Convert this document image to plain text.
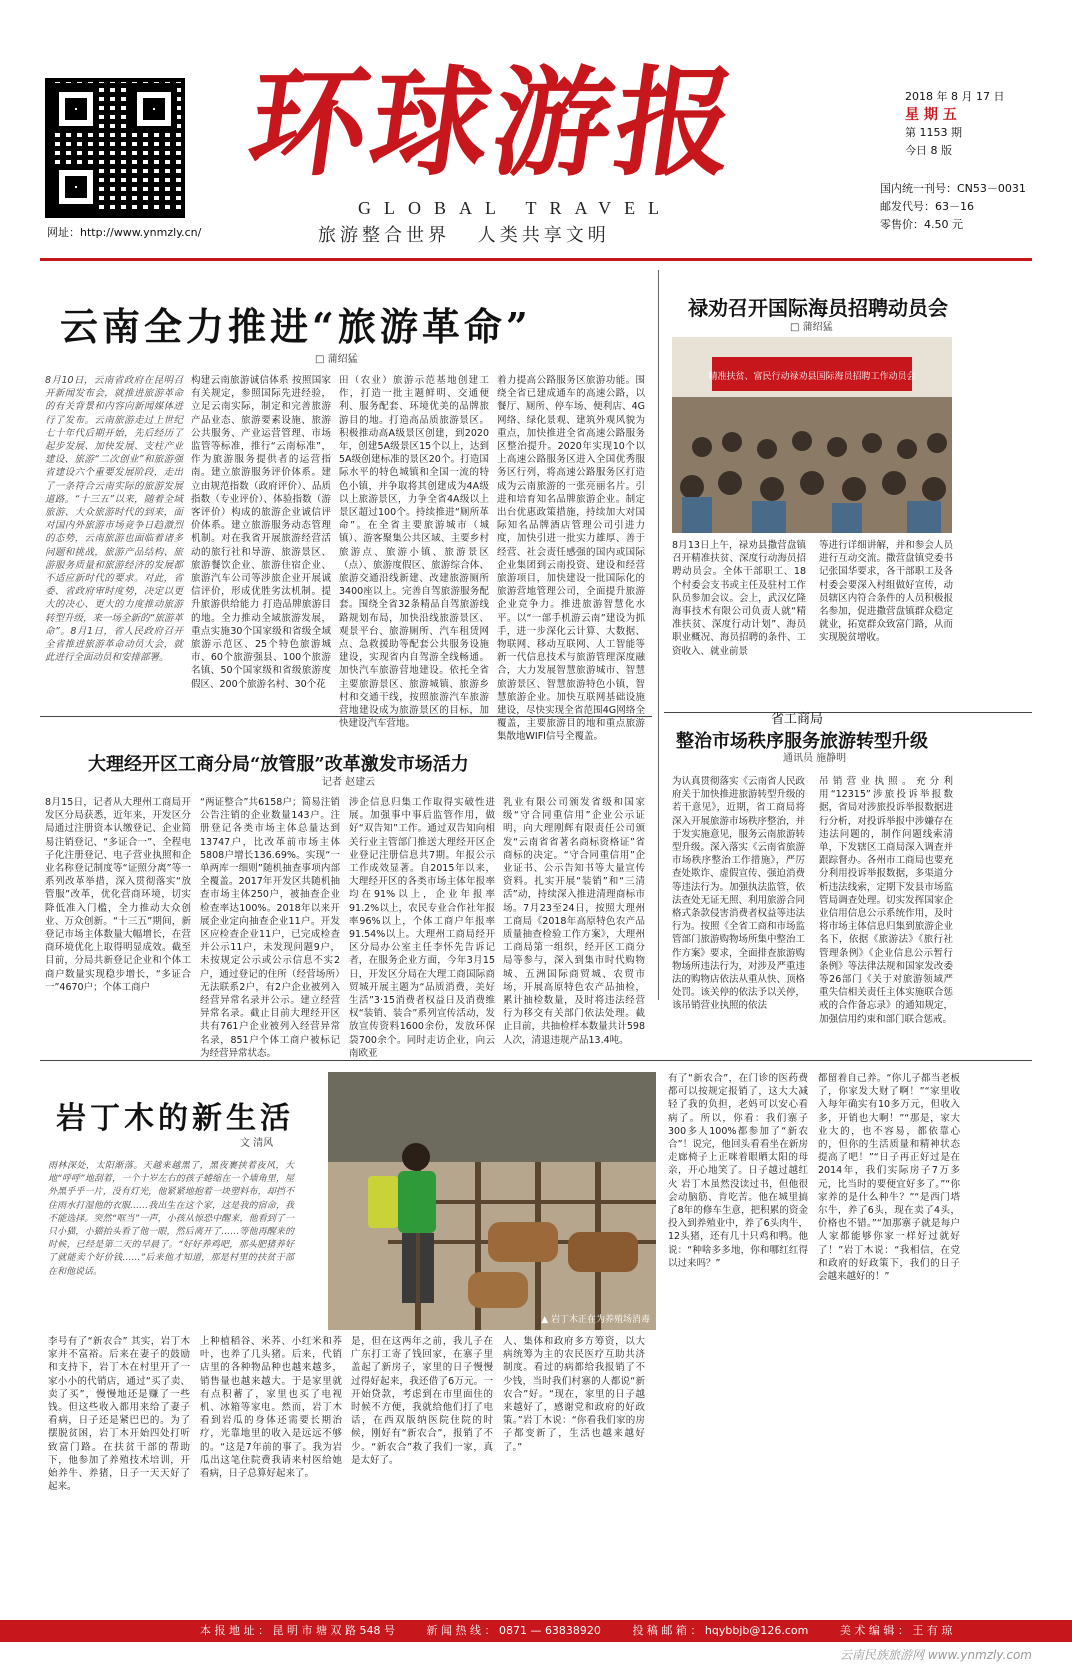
网址：http://www.ynmzly.cn/
环球游报
GLOBAL TRAVEL
旅游整合世界 人类共享文明
2018 年 8 月 17 日
星 期 五
第 1153 期
今日 8 版
国内统一刊号：CN53－0031
邮发代号：63－16
零售价：4.50 元
云南全力推进“旅游革命”
□ 蒲绍猛
8月10日，云南省政府在昆明召开新闻发布会，就推进旅游革命的有关背景和内容向新闻媒体进行了发布。云南旅游走过上世纪七十年代后期开始，先后经历了起步发展、加快发展、支柱产业建设、旅游“二次创业”和旅游强省建设六个重要发展阶段，走出了一条符合云南实际的旅游发展道路。“十三五”以来，随着全域旅游、大众旅游时代的到来，面对国内外旅游市场竞争日趋激烈的态势，云南旅游也面临着诸多问题和挑战，旅游产品结构、旅游服务质量和旅游经济的发展都不适应新时代的要求。对此，省委、省政府审时度势，决定以更大的决心、更大的力度推动旅游转型升级，来一场全新的“旅游革命”。8月1日，省人民政府召开全省推进旅游革命动员大会，就此进行全面动员和安排部署。
构建云南旅游诚信体系 按照国家有关规定，参照国际先进经验，立足云南实际，制定和完善旅游产品业态、旅游要素设施、旅游公共服务、产业运营管理、市场监管等标准，推行“云南标准”，作为旅游服务提供者的运营指南。建立旅游服务评价体系。建立由规范指数（政府评价）、品质指数（专业评价）、体验指数（游客评价）构成的旅游企业诚信评价体系。建立旅游服务动态管理机制。对在我省开展旅游经营活动的旅行社和导游、旅游景区、旅游餐饮企业、旅游住宿企业、旅游汽车公司等涉旅企业开展诚信评价，形成优胜劣汰机制。提升旅游供给能力 打造品牌旅游目的地。全力推动全域旅游发展，重点实施30个国家级和省级全域旅游示范区、25个特色旅游城市、60个旅游强县、100个旅游名镇、50个国家级和省级旅游度假区、200个旅游名村、30个花
田（农业）旅游示范基地创建工作，打造一批主题鲜明、交通便利、服务配套、环境优美的品牌旅游目的地。打造高品质旅游景区。积极推动高A级景区创建，到2020年，创建5A级景区15个以上，达到5A级创建标准的景区20个。打造国际水平的特色城镇和全国一流的特色小镇，并争取将其创建成为4A级以上旅游景区，力争全省4A级以上景区超过100个。持续推进“厕所革命”。在全省主要旅游城市（城镇）、游客聚集公共区域、主要乡村旅游点、旅游小镇、旅游景区（点）、旅游度假区、旅游综合体、旅游交通沿线新建、改建旅游厕所3400座以上。完善自驾旅游服务配套。围绕全省32条精品自驾旅游线路规划布局，加快沿线旅游景区、观景平台、旅游厕所、汽车租赁网点、急救援助等配套公共服务设施建设，实现省内自驾游全线畅通。加快汽车旅游营地建设。依托全省主要旅游景区、旅游城镇、旅游乡村和交通干线，按照旅游汽车旅游营地建设成为旅游景区的目标，加快建设汽车营地。
着力提高公路服务区旅游功能。围绕全省已建成通车的高速公路，以餐厅、厕所、停车场、便利店、4G网络、绿化景观、建筑外观风貌为重点，加快推进全省高速公路服务区整治提升。2020年实现10个以上高速公路服务区进入全国优秀服务区行列，将高速公路服务区打造成为云南旅游的一张亮丽名片。引进和培育知名品牌旅游企业。制定出台优惠政策措施，持续加大对国际知名品牌酒店管理公司引进力度，加快引进一批实力雄厚、善于经营、社会责任感强的国内或国际企业集团到云南投资、建设和经营旅游项目，加快建设一批国际化的旅游营地管理公司，全面提升旅游企业竞争力。推进旅游智慧化水平。以“一部手机游云南”建设为抓手，进一步深化云计算、大数据、物联网、移动互联网、人工智能等新一代信息技术与旅游管理深度融合，大力发展智慧旅游城市、智慧旅游景区、智慧旅游特色小镇，智慧旅游企业。加快互联网基础设施建设，尽快实现全省范围4G网络全覆盖，主要旅游目的地和重点旅游集散地WIFI信号全覆盖。
禄劝召开国际海员招聘动员会
□ 蒲绍猛
精准扶贫、富民行动禄劝县国际海员招聘工作动员会
8月13日上午，禄劝县撒营盘镇召开精准扶贫、深度行动海员招聘动员会。全体干部职工、18个村委会支书或主任及驻村工作队员参加会议。会上，武汉亿隆海事技术有限公司负责人就“精准扶贫、深度行动计划”、海员职业概况、海员招聘的条件、工资收入、就业前景
等进行详细讲解，并和参会人员进行互动交流。撒营盘镇党委书记张国华要求，各干部职工及各村委会要深入村组做好宣传，动员辖区内符合条件的人员积极报名参加，促进撒营盘镇群众稳定就业，拓宽群众致富门路，从而实现脱贫增收。
省工商局
整治市场秩序服务旅游转型升级
通讯员 施静明
为认真贯彻落实《云南省人民政府关于加快推进旅游转型升级的若干意见》，近期，省工商局将深入开展旅游市场秩序整治，并于发实施意见，服务云南旅游转型升级。深入落实《云南省旅游市场秩序整治工作措施》，严厉查处欺诈、虚假宣传、强迫消费等违法行为。加强执法监管，依法查处无证无照、利用旅游合同格式条款侵害消费者权益等违法行为。按照《全省工商和市场监管部门旅游购物场所集中整治工作方案》要求，全面排查旅游购物场所违法行为，对涉及严重违法的购物店依法从重从快、顶格处罚。该关停的依法予以关停，该吊销营业执照的依法
吊销营业执照。充分利用“12315”涉旅投诉举报数据，省局对涉旅投诉举报数据进行分析，对投诉举报中涉嫌存在违法问题的，制作问题线索清单，下发辖区工商局深入调查并跟踪督办。各州市工商局也要充分利用投诉举报数据，多渠道分析违法线索，定期下发县市场监管局调查处理。切实发挥国家企业信用信息公示系统作用，及时将市场主体信息归集到旅游企业名下，依据《旅游法》《旅行社管理条例》《企业信息公示暂行条例》等法律法规和国家发改委等26部门《关于对旅游领域严重失信相关责任主体实施联合惩戒的合作备忘录》的通知规定，加强信用约束和部门联合惩戒。
大理经开区工商分局“放管服”改革激发市场活力
记者 赵建云
8月15日，记者从大理州工商局开发区分局获悉，近年来，开发区分局通过注册资本认缴登记、企业简易注销登记、“多证合一”、全程电子化注册登记、电子营业执照和企业名称登记制度等“证照分离”等一系列改革举措，深入贯彻落实“放管服”改革，优化营商环境，切实降低准入门槛，全力推动大众创业、万众创新。“十三五”期间，新登记市场主体数量大幅增长，在营商环境优化上取得明显成效。截至目前，分局共新登记企业和个体工商户数量实现稳步增长，“多证合一”4670户；个体工商户
“两证整合”共6158户；简易注销公告注销的企业数量143户。注册登记各类市场主体总量达到13747户，比改革前市场主体5808户增长136.69%。实现“一单两库一细则”随机抽查事项内部全覆盖。2017年开发区共随机抽查市场主体250户，被抽查企业检查率达100%。2018年以来开展企业定向抽查企业11户。开发区应检查企业11户，已完成检查并公示11户，未发现问题9户，未按规定公示或公示信息不实2户，通过登记的住所（经营场所）无法联系2户，有2户企业被列入经营异常名录并公示。建立经营异常名录。截止目前大理经开区共有761户企业被列入经营异常名录，851户个体工商户被标记为经营异常状态。
涉企信息归集工作取得实破性进展。加强事中事后监管作用，做好“双告知”工作。通过双告知向相关行业主管部门推送大理经开区企业登记注册信息共7期。年报公示工作成效显著。自2015年以来，大理经开区的各类市场主体年报率均在91%以上，企业年报率91.2%以上，农民专业合作社年报率96%以上，个体工商户年报率91.54%以上。大理州工商局经开区分局办公室主任李怀先告诉记者，在服务企业方面，今年3月15日，开发区分局在大理工商国际商贸城开展主题为“品质消费，美好生活”3·15消费者权益日及消费维权“装销、装合”系列宣传活动，发放宣传资料1600余份，发放环保袋700余个。同时走访企业，向云南欧亚
乳业有限公司颁发省级和国家级“守合同重信用”企业公示证明，向大理刚辉有限责任公司颁发“云南省省著名商标资格证”省商标的决定。“守合同重信用”企业证书、公示告知书等大量宣传资料。扎实开展“装销”和“三清活”动，持续深入推进清理商标市场。7月23至24日，按照大理州工商局《2018年高原特色农产品质量抽查检验工作方案》，大理州工商局第一组织，经开区工商分局等参与，深入到集市时代购物城、五洲国际商贸城、农贸市场，开展高原特色农产品抽检，累计抽检数量，及时将违法经营行为移交有关部门依法处理。截止目前，共抽检样本数量共计598人次，清退违规产品13.4吨。
岩丁木的新生活
文 清风
雨林深处，太阳渐落。天越来越黑了，黑夜裹挟着夜风，大地“呼呼”地刮着，一个十岁左右的孩子蜷缩在一个墙角里，屋外黑乎乎一片，没有灯光，他紧紧地抱着一块塑料布，却挡不住雨水打湿他的衣服……我出生在这个家，这是我的宿命，我不能选择。突然“哐当”一声，小孩从惊恐中醒来，他看到了一只小猫，小猫抬头看了他一眼，然后离开了……等他再醒来的时候，已经是第二天的早晨了。“好好养鸡吧，那头肥猪养好了就能卖个好价钱……”后来他才知道，那是村里的扶贫干部在和他说话。
▲ 岩丁木正在为养殖场消毒
李号有了“新农合” 其实，岩丁木家并不富裕。后来在妻子的鼓励和支持下，岩丁木在村里开了一家小小的代销店，通过“买了卖、卖了买”，慢慢地还是赚了一些钱。但这些收入都用来给了妻子看病，日子还是紧巴巴的。为了摆脱贫困，岩丁木开始四处打听致富门路。在扶贫干部的帮助下，他参加了养殖技术培训，开始养牛、养猪，日子一天天好了起来。
上种植稻谷、米荞、小红米和荞叶，也养了几头猪。后来，代销店里的各种物品种也越来越多，销售量也越来越大。于是家里就有点积蓄了，家里也买了电视机、冰箱等家电。然而，岩丁木看到岩瓜的身体还需要长期治疗，光靠地里的收入是远远不够的。“这是7年前的事了。我为岩瓜出这笔住院费我请来村医给她看病，日子总算好起来了。
是，但在这两年之前，我儿子在广东打工寄了钱回家，在寨子里盖起了新房子，家里的日子慢慢过得好起来，我还借了6万元。一开始贷款，考虑到在市里面住的时候不方便，我就给他们打了电话，在西双版纳医院住院的时候，刚好有“新农合”，报销了不少。“新农合”救了我们一家，真是太好了。
人、集体和政府多方筹资，以大病统筹为主的农民医疗互助共济制度。看过的病都给我报销了不少钱，当时我们村寨的人都说“新农合”好。“现在，家里的日子越来越好了，感谢党和政府的好政策。”岩丁木说：“你看我们家的房子都变新了，生活也越来越好了。”
有了“新农合”，在门诊的医药费都可以按规定报销了，这大大减轻了我的负担，老妈可以安心看病了。所以，你看：我们寨子300多人100%都参加了“新农合”！说完，他回头看看坐在新房走廊椅子上正咪着眼晒太阳的母亲，开心地笑了。日子越过越红火 岩丁木虽然没读过书，但他很会动脑筋、肯吃苦。他在城里搞了8年的修车生意，把积累的资金投入到养殖业中，养了6头肉牛，12头猪，还有几十只鸡和鸭。他说：“种啥多多地，你和哪红红得以过来吗？”
都留着自己养。“你儿子都当老板了，你家发大财了啊！”“家里收入每年确实有10多万元，但收入多，开销也大啊！”“那是，家大业大的，也不容易，都依靠心的，但你的生活质量和精神状态提高了吧！”“日子再正好过是在2014年，我们实际房子7万多元，比当时的要便宜好多了。”“你家养的是什么种牛？”“是西门塔尔牛，养了6头，现在卖了4头，价格也不错。”“加那寨子就是每户人家都能够你家一样好过就好了！”岩丁木说：“我相信，在党和政府的好政策下，我们的日子会越来越好的！”
本 报 地 址 ： 昆 明 市 塘 双 路 548 号	新 闻 热 线 ： 0871 — 63838920	投 稿 邮 箱 ： hqybbjb@126.com	美 术 编 辑 ： 王 有 琼
云南民族旅游网 www.ynmzly.com
